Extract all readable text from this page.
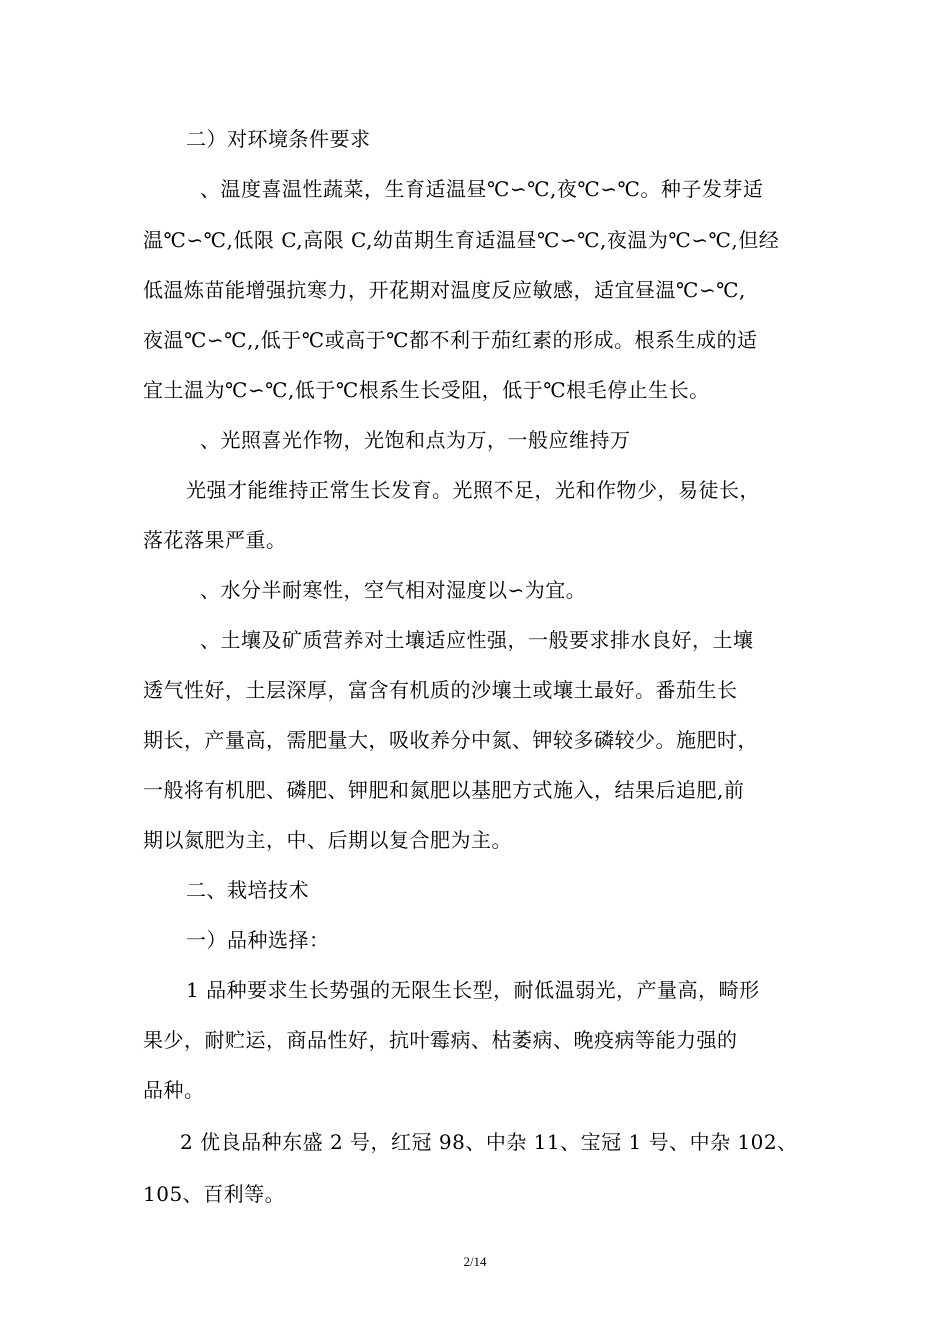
二）对环境条件要求
、温度喜温性蔬菜，生育适温昼℃∽℃,夜℃∽℃。种子发芽适
温℃∽℃,低限 C,高限 C,幼苗期生育适温昼℃∽℃,夜温为℃∽℃,但经
低温炼苗能增强抗寒力，开花期对温度反应敏感，适宜昼温℃∽℃,
夜温℃∽℃,,低于℃或高于℃都不利于茄红素的形成。根系生成的适
宜土温为℃∽℃,低于℃根系生长受阻，低于℃根毛停止生长。
、光照喜光作物，光饱和点为万，一般应维持万
光强才能维持正常生长发育。光照不足，光和作物少，易徒长，
落花落果严重。
、水分半耐寒性，空气相对湿度以∽为宜。
、土壤及矿质营养对土壤适应性强，一般要求排水良好，土壤
透气性好，土层深厚，富含有机质的沙壤土或壤土最好。番茄生长
期长，产量高，需肥量大，吸收养分中氮、钾较多磷较少。施肥时，
一般将有机肥、磷肥、钾肥和氮肥以基肥方式施入，结果后追肥,前
期以氮肥为主，中、后期以复合肥为主。
二、栽培技术
一）品种选择：
1 品种要求生长势强的无限生长型，耐低温弱光，产量高，畸形
果少，耐贮运，商品性好，抗叶霉病、枯萎病、晚疫病等能力强的
品种。
2 优良品种东盛 2 号，红冠 98、中杂 11、宝冠 1 号、中杂 102、
105、百利等。
2/14
